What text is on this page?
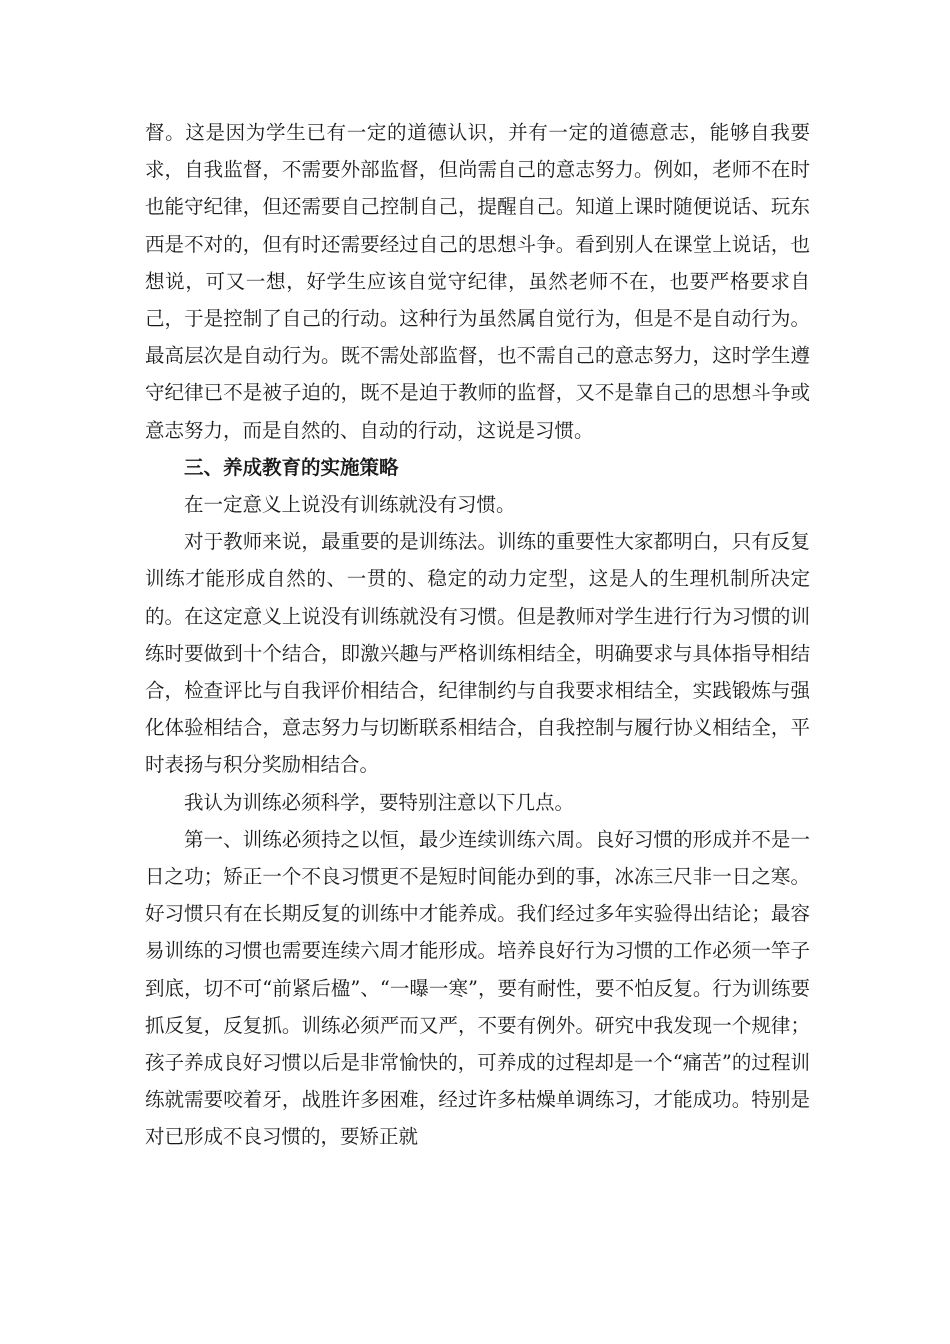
督。这是因为学生已有一定的道德认识，并有一定的道德意志，能够自我要求，自我监督，不需要外部监督，但尚需自己的意志努力。例如，老师不在时也能守纪律，但还需要自己控制自己，提醒自己。知道上课时随便说话、玩东西是不对的，但有时还需要经过自己的思想斗争。看到别人在课堂上说话，也想说，可又一想，好学生应该自觉守纪律，虽然老师不在，也要严格要求自己，于是控制了自己的行动。这种行为虽然属自觉行为，但是不是自动行为。最高层次是自动行为。既不需处部监督，也不需自己的意志努力，这时学生遵守纪律已不是被子迫的，既不是迫于教师的监督，又不是靠自己的思想斗争或意志努力，而是自然的、自动的行动，这说是习惯。

三、养成教育的实施策略

在一定意义上说没有训练就没有习惯。

对于教师来说，最重要的是训练法。训练的重要性大家都明白，只有反复训练才能形成自然的、一贯的、稳定的动力定型，这是人的生理机制所决定的。在这定意义上说没有训练就没有习惯。但是教师对学生进行行为习惯的训练时要做到十个结合，即激兴趣与严格训练相结全，明确要求与具体指导相结合，检查评比与自我评价相结合，纪律制约与自我要求相结全，实践锻炼与强化体验相结合，意志努力与切断联系相结合，自我控制与履行协义相结全，平时表扬与积分奖励相结合。

我认为训练必须科学，要特别注意以下几点。

第一、训练必须持之以恒，最少连续训练六周。良好习惯的形成并不是一日之功；矫正一个不良习惯更不是短时间能办到的事，冰冻三尺非一日之寒。好习惯只有在长期反复的训练中才能养成。我们经过多年实验得出结论；最容易训练的习惯也需要连续六周才能形成。培养良好行为习惯的工作必须一竿子到底，切不可“前紧后楹”、“一曝一寒”，要有耐性，要不怕反复。行为训练要抓反复，反复抓。训练必须严而又严，不要有例外。研究中我发现一个规律；孩子养成良好习惯以后是非常愉快的，可养成的过程却是一个“痛苦”的过程训练就需要咬着牙，战胜许多困难，经过许多枯燥单调练习，才能成功。特别是对已形成不良习惯的，要矫正就
